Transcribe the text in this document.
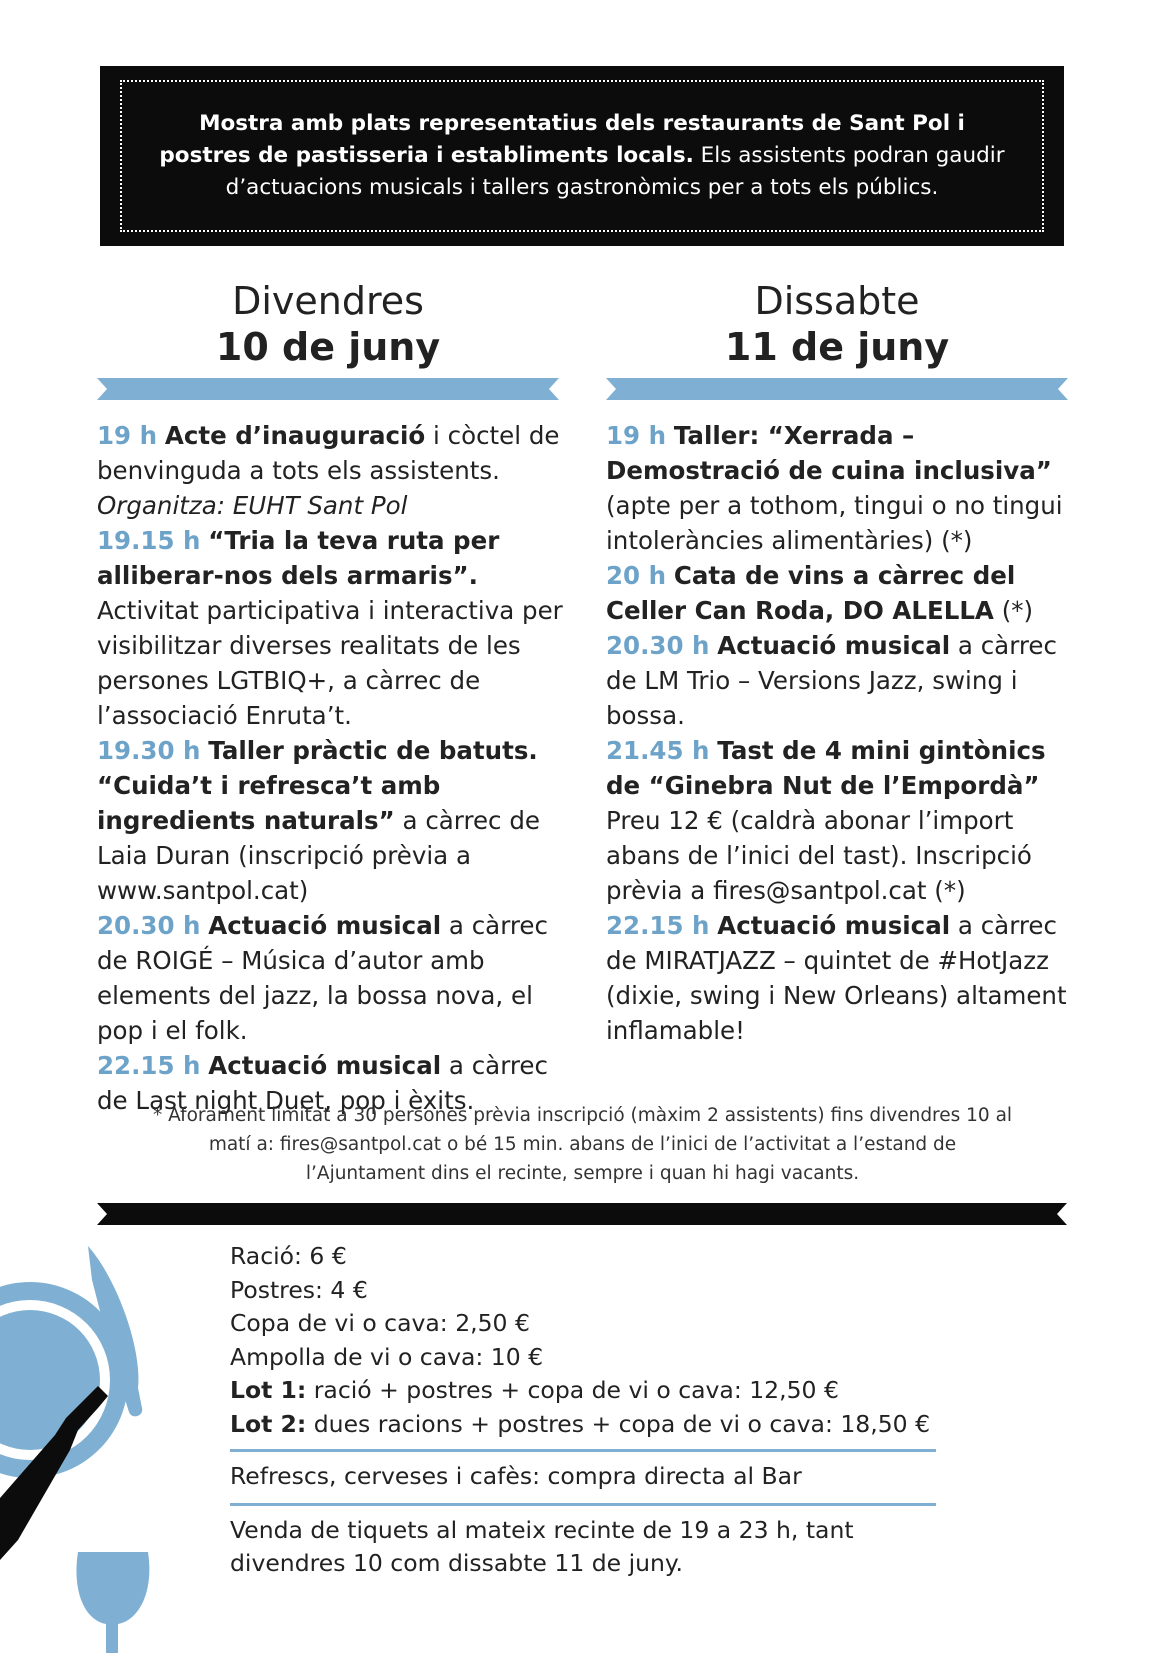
Mostra amb plats representatius dels restaurants de Sant Pol i postres de pastisseria i establiments locals. Els assistents podran gaudir d’actuacions musicals i tallers gastronòmics per a tots els públics.
Divendres
10 de juny
Dissabte
11 de juny

19 h Acte d’inauguració i còctel de benvinguda a tots els assistents.
Organitza: EUHT Sant Pol

19.15 h “Tria la teva ruta per alliberar-nos dels armaris”. Activitat participativa i interactiva per visibilitzar diverses realitats de les persones LGTBIQ+, a càrrec de l’associació Enruta’t.

19.30 h Taller pràctic de batuts. “Cuida’t i refresca’t amb ingredients naturals” a càrrec de Laia Duran (inscripció prèvia a www.santpol.cat)

20.30 h Actuació musical a càrrec de ROIGÉ – Música d’autor amb elements del jazz, la bossa nova, el pop i el folk.

22.15 h Actuació musical a càrrec de Last night Duet, pop i èxits.

19 h Taller: “Xerrada – Demostració de cuina inclusiva” (apte per a tothom, tingui o no tingui intoleràncies alimentàries) (*)

20 h Cata de vins a càrrec del Celler Can Roda, DO ALELLA (*)

20.30 h Actuació musical a càrrec de LM Trio – Versions Jazz, swing i bossa.

21.45 h Tast de 4 mini gintònics de “Ginebra Nut de l’Empordà” Preu 12 € (caldrà abonar l’import abans de l’inici del tast). Inscripció prèvia a fires@santpol.cat (*)

22.15 h Actuació musical a càrrec de MIRATJAZZ – quintet de #HotJazz (dixie, swing i New Orleans) altament inflamable!

* Aforament limitat a 30 persones prèvia inscripció (màxim 2 assistents) fins divendres 10 al matí a: fires@santpol.cat o bé 15 min. abans de l’inici de l’activitat a l’estand de l’Ajuntament dins el recinte, sempre i quan hi hagi vacants.

Ració: 6 €

Postres: 4 €

Copa de vi o cava: 2,50 €

Ampolla de vi o cava: 10 €

Lot 1: ració + postres + copa de vi o cava: 12,50 €

Lot 2: dues racions + postres + copa de vi o cava: 18,50 €

Refrescs, cerveses i cafès: compra directa al Bar

Venda de tiquets al mateix recinte de 19 a 23 h, tant divendres 10 com dissabte 11 de juny.
